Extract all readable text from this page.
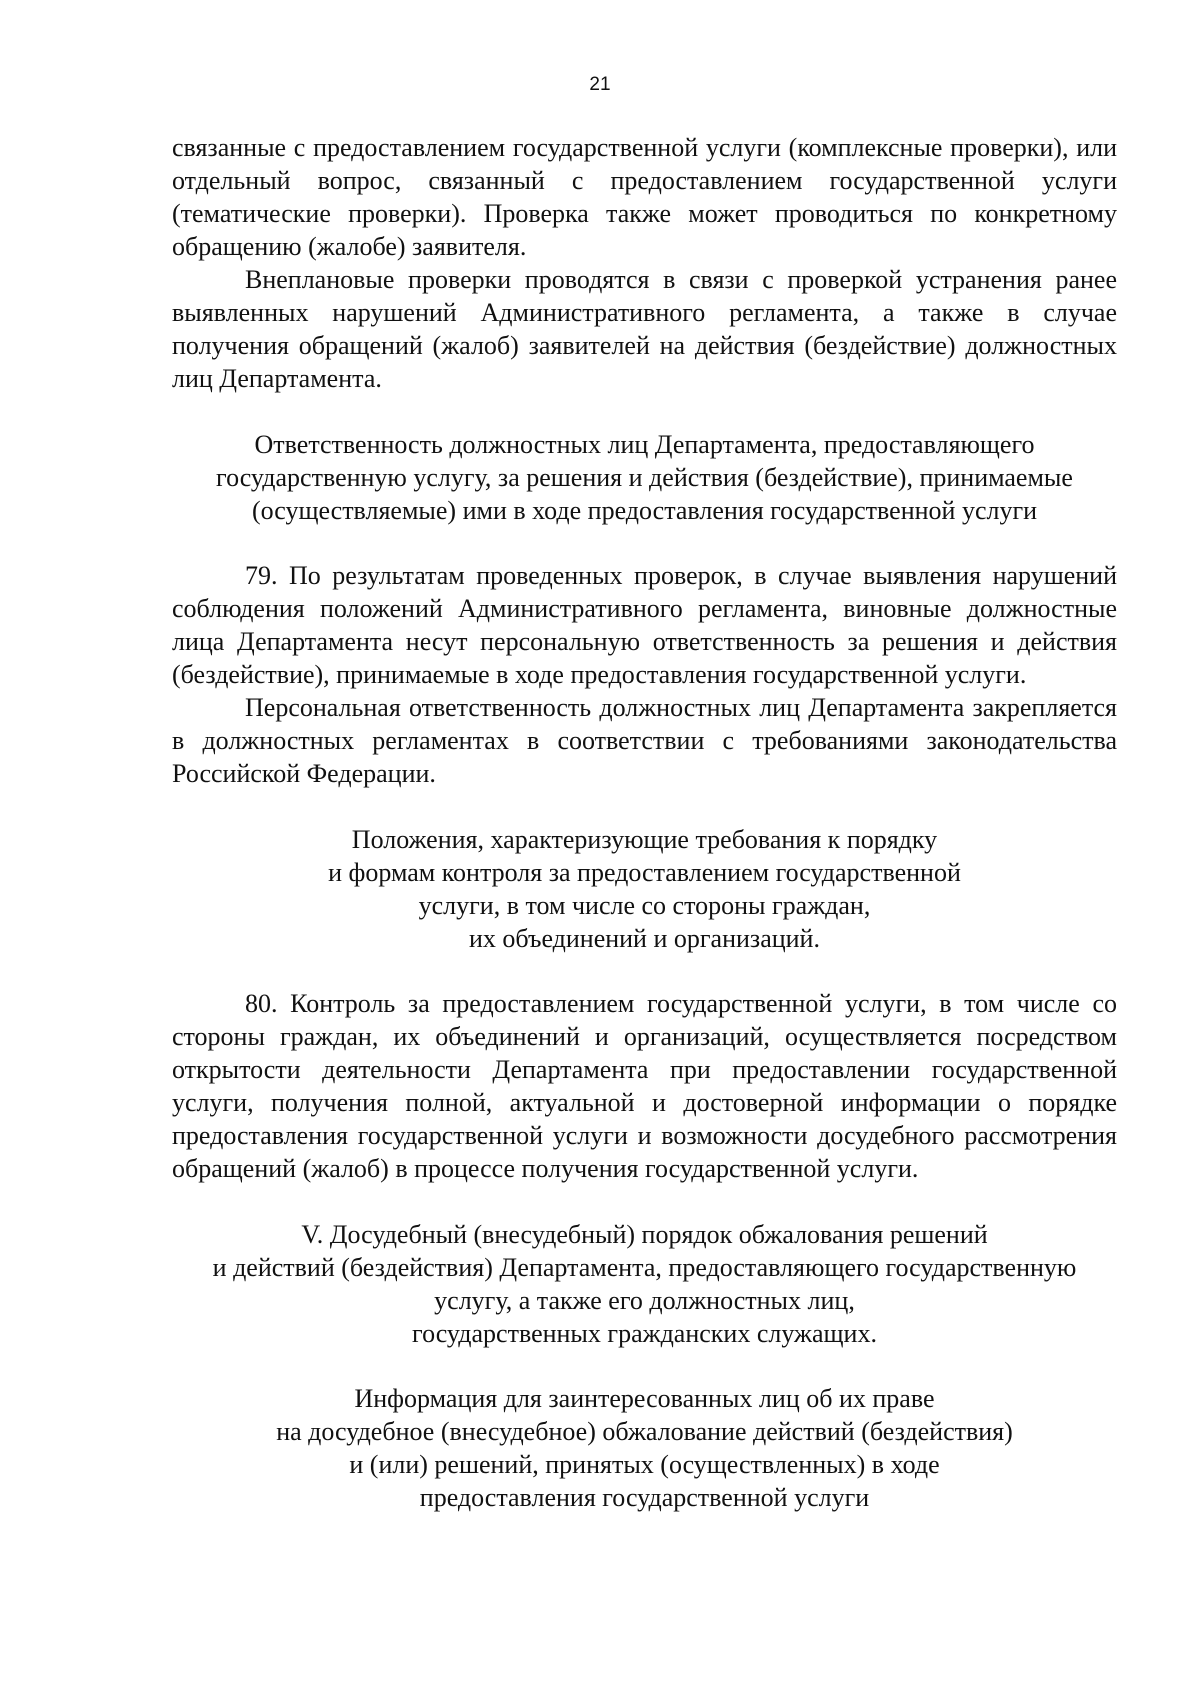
21

связанные с предоставлением государственной услуги (комплексные проверки), или отдельный вопрос, связанный с предоставлением государственной услуги (тематические проверки). Проверка также может проводиться по конкретному обращению (жалобе) заявителя.

Внеплановые проверки проводятся в связи с проверкой устранения ранее выявленных нарушений Административного регламента, а также в случае получения обращений (жалоб) заявителей на действия (бездействие) должностных лиц Департамента.

Ответственность должностных лиц Департамента, предоставляющего
государственную услугу, за решения и действия (бездействие), принимаемые
(осуществляемые) ими в ходе предоставления государственной услуги

79. По результатам проведенных проверок, в случае выявления нарушений соблюдения положений Административного регламента, виновные должностные лица Департамента несут персональную ответственность за решения и действия (бездействие), принимаемые в ходе предоставления государственной услуги.

Персональная ответственность должностных лиц Департамента закрепляется в должностных регламентах в соответствии с требованиями законодательства Российской Федерации.

Положения, характеризующие требования к порядку
и формам контроля за предоставлением государственной
услуги, в том числе со стороны граждан,
их объединений и организаций.

80. Контроль за предоставлением государственной услуги, в том числе со стороны граждан, их объединений и организаций, осуществляется посредством открытости деятельности Департамента при предоставлении государственной услуги, получения полной, актуальной и достоверной информации о порядке предоставления государственной услуги и возможности досудебного рассмотрения обращений (жалоб) в процессе получения государственной услуги.

V. Досудебный (внесудебный) порядок обжалования решений
и действий (бездействия) Департамента, предоставляющего государственную
услугу, а также его должностных лиц,
государственных гражданских служащих.

Информация для заинтересованных лиц об их праве
на досудебное (внесудебное) обжалование действий (бездействия)
и (или) решений, принятых (осуществленных) в ходе
предоставления государственной услуги
